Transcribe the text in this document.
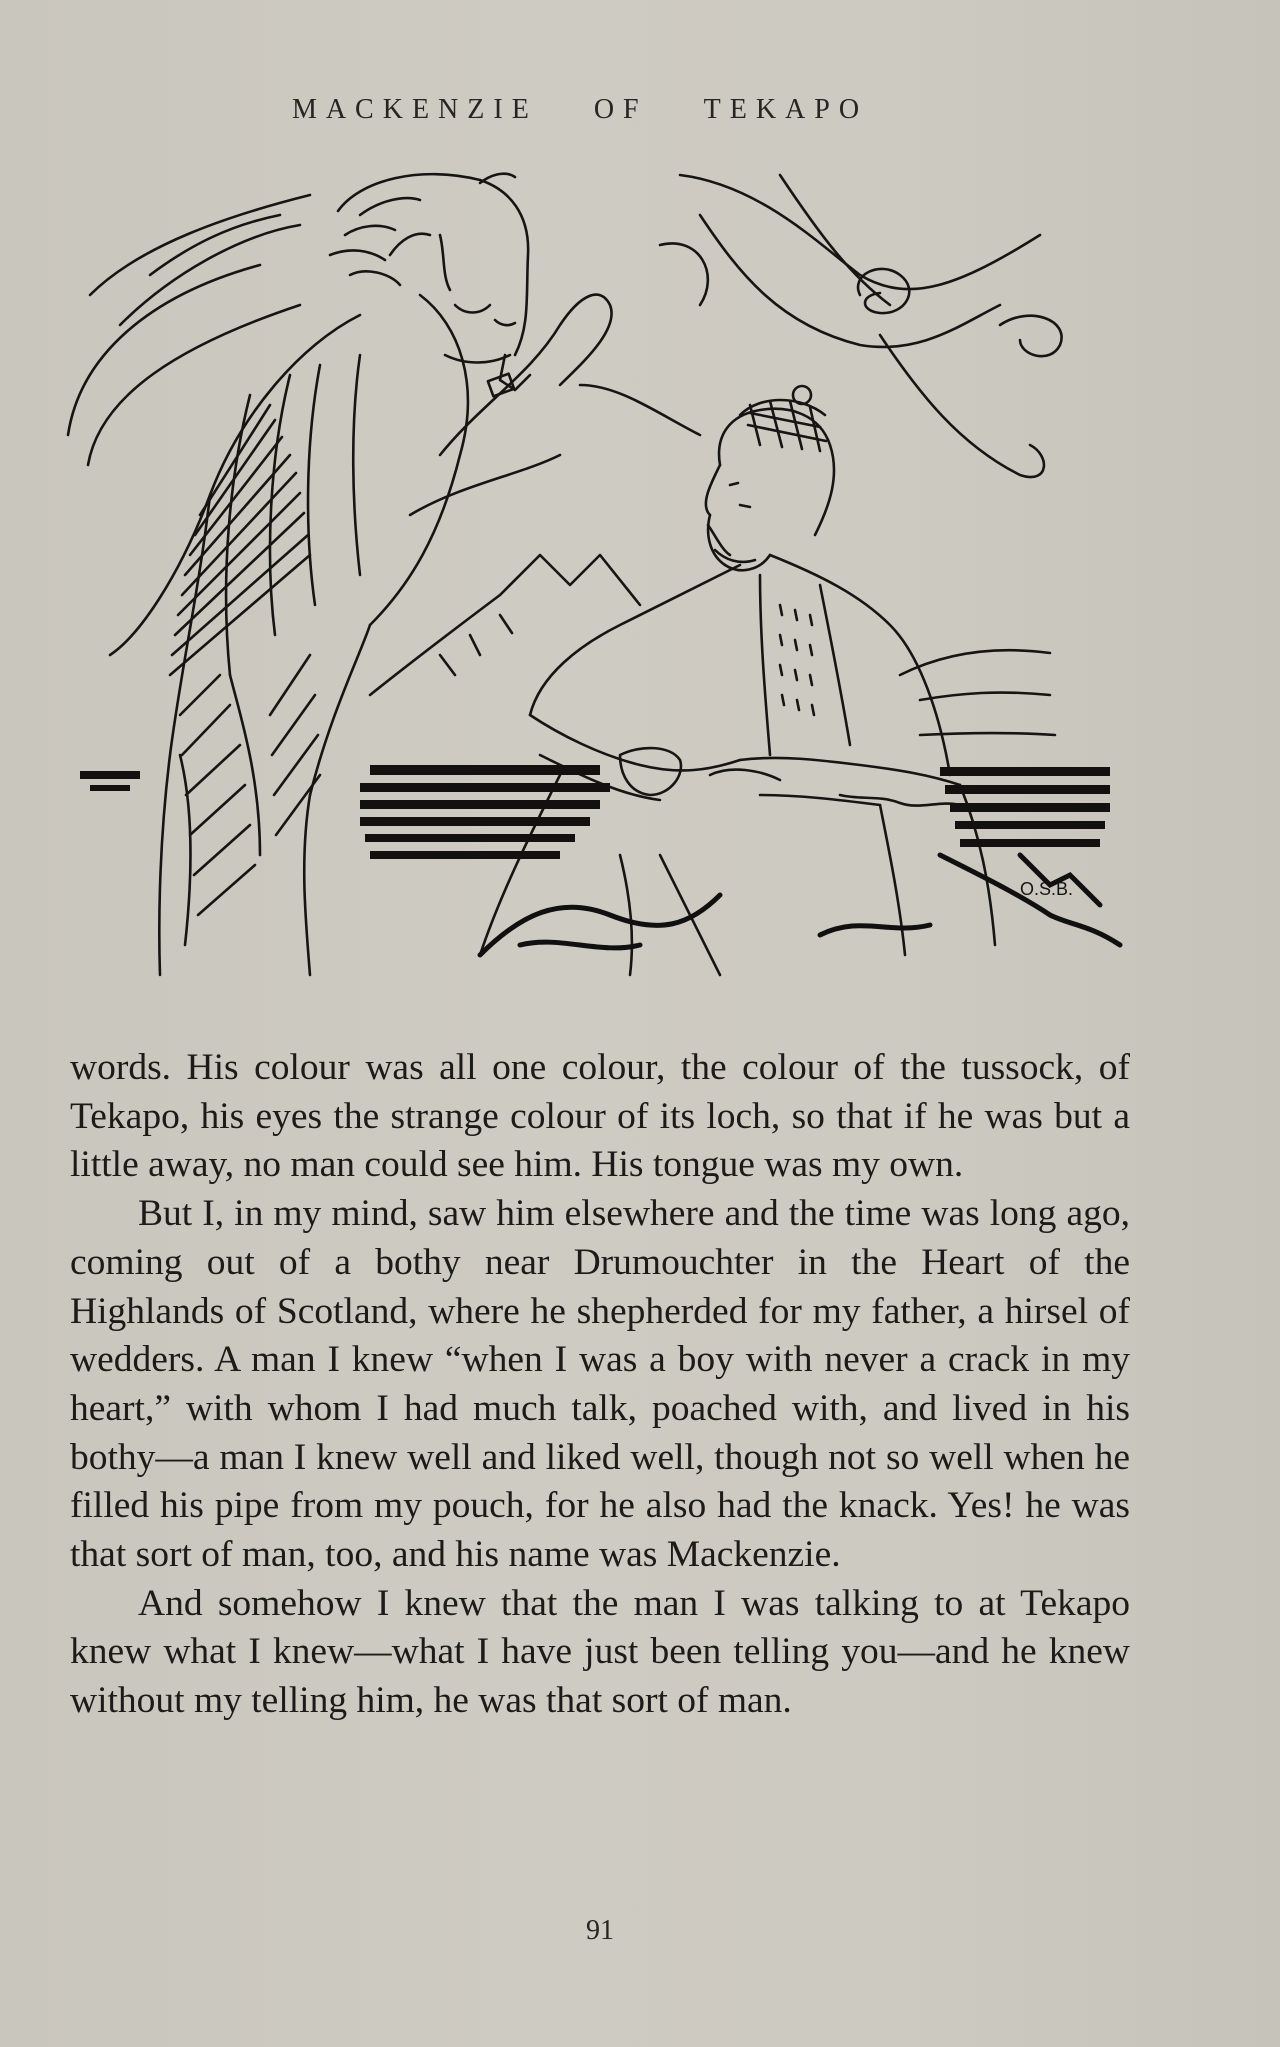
MACKENZIE OF TEKAPO
O.S.B.

words. His colour was all one colour, the colour of the tussock, of Tekapo, his eyes the strange colour of its loch, so that if he was but a little away, no man could see him. His tongue was my own.

But I, in my mind, saw him elsewhere and the time was long ago, coming out of a bothy near Drumouchter in the Heart of the Highlands of Scotland, where he shepherded for my father, a hirsel of wedders. A man I knew “when I was a boy with never a crack in my heart,” with whom I had much talk, poached with, and lived in his bothy—a man I knew well and liked well, though not so well when he filled his pipe from my pouch, for he also had the knack. Yes! he was that sort of man, too, and his name was Mackenzie.

And somehow I knew that the man I was talking to at Tekapo knew what I knew—what I have just been telling you—and he knew without my telling him, he was that sort of man.

91
